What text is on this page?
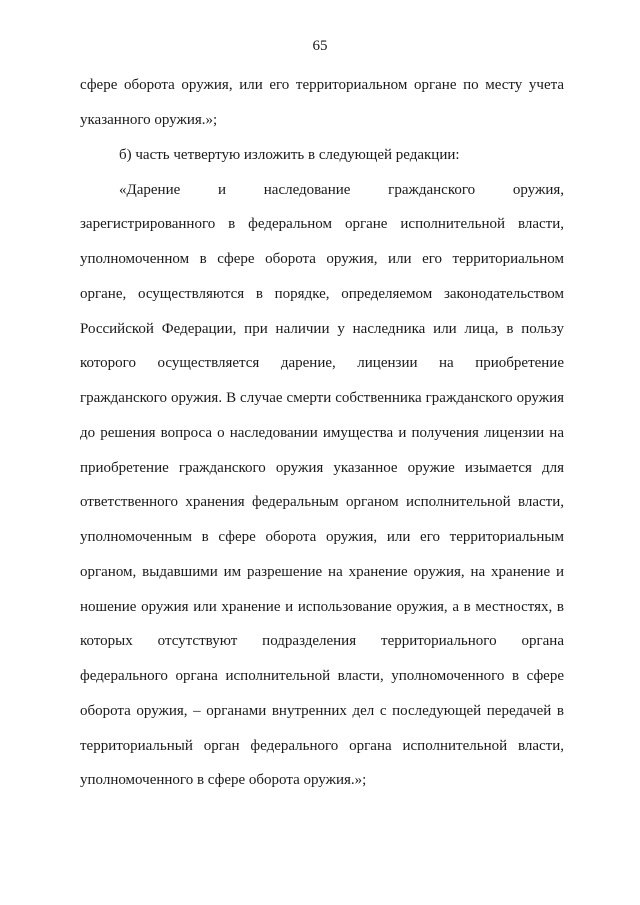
65
сфере оборота оружия, или его территориальном органе по месту учета
указанного оружия.»;
б) часть четвертую изложить в следующей редакции:
«Дарение и наследование гражданского оружия,
зарегистрированного в федеральном органе исполнительной власти,
уполномоченном в сфере оборота оружия, или его территориальном
органе, осуществляются в порядке, определяемом законодательством
Российской Федерации, при наличии у наследника или лица, в пользу
которого осуществляется дарение, лицензии на приобретение
гражданского оружия. В случае смерти собственника гражданского оружия
до решения вопроса о наследовании имущества и получения лицензии на
приобретение гражданского оружия указанное оружие изымается для
ответственного хранения федеральным органом исполнительной власти,
уполномоченным в сфере оборота оружия, или его территориальным
органом, выдавшими им разрешение на хранение оружия, на хранение и
ношение оружия или хранение и использование оружия, а в местностях, в
которых отсутствуют подразделения территориального органа
федерального органа исполнительной власти, уполномоченного в сфере
оборота оружия, – органами внутренних дел с последующей передачей в
территориальный орган федерального органа исполнительной власти,
уполномоченного в сфере оборота оружия.»;
